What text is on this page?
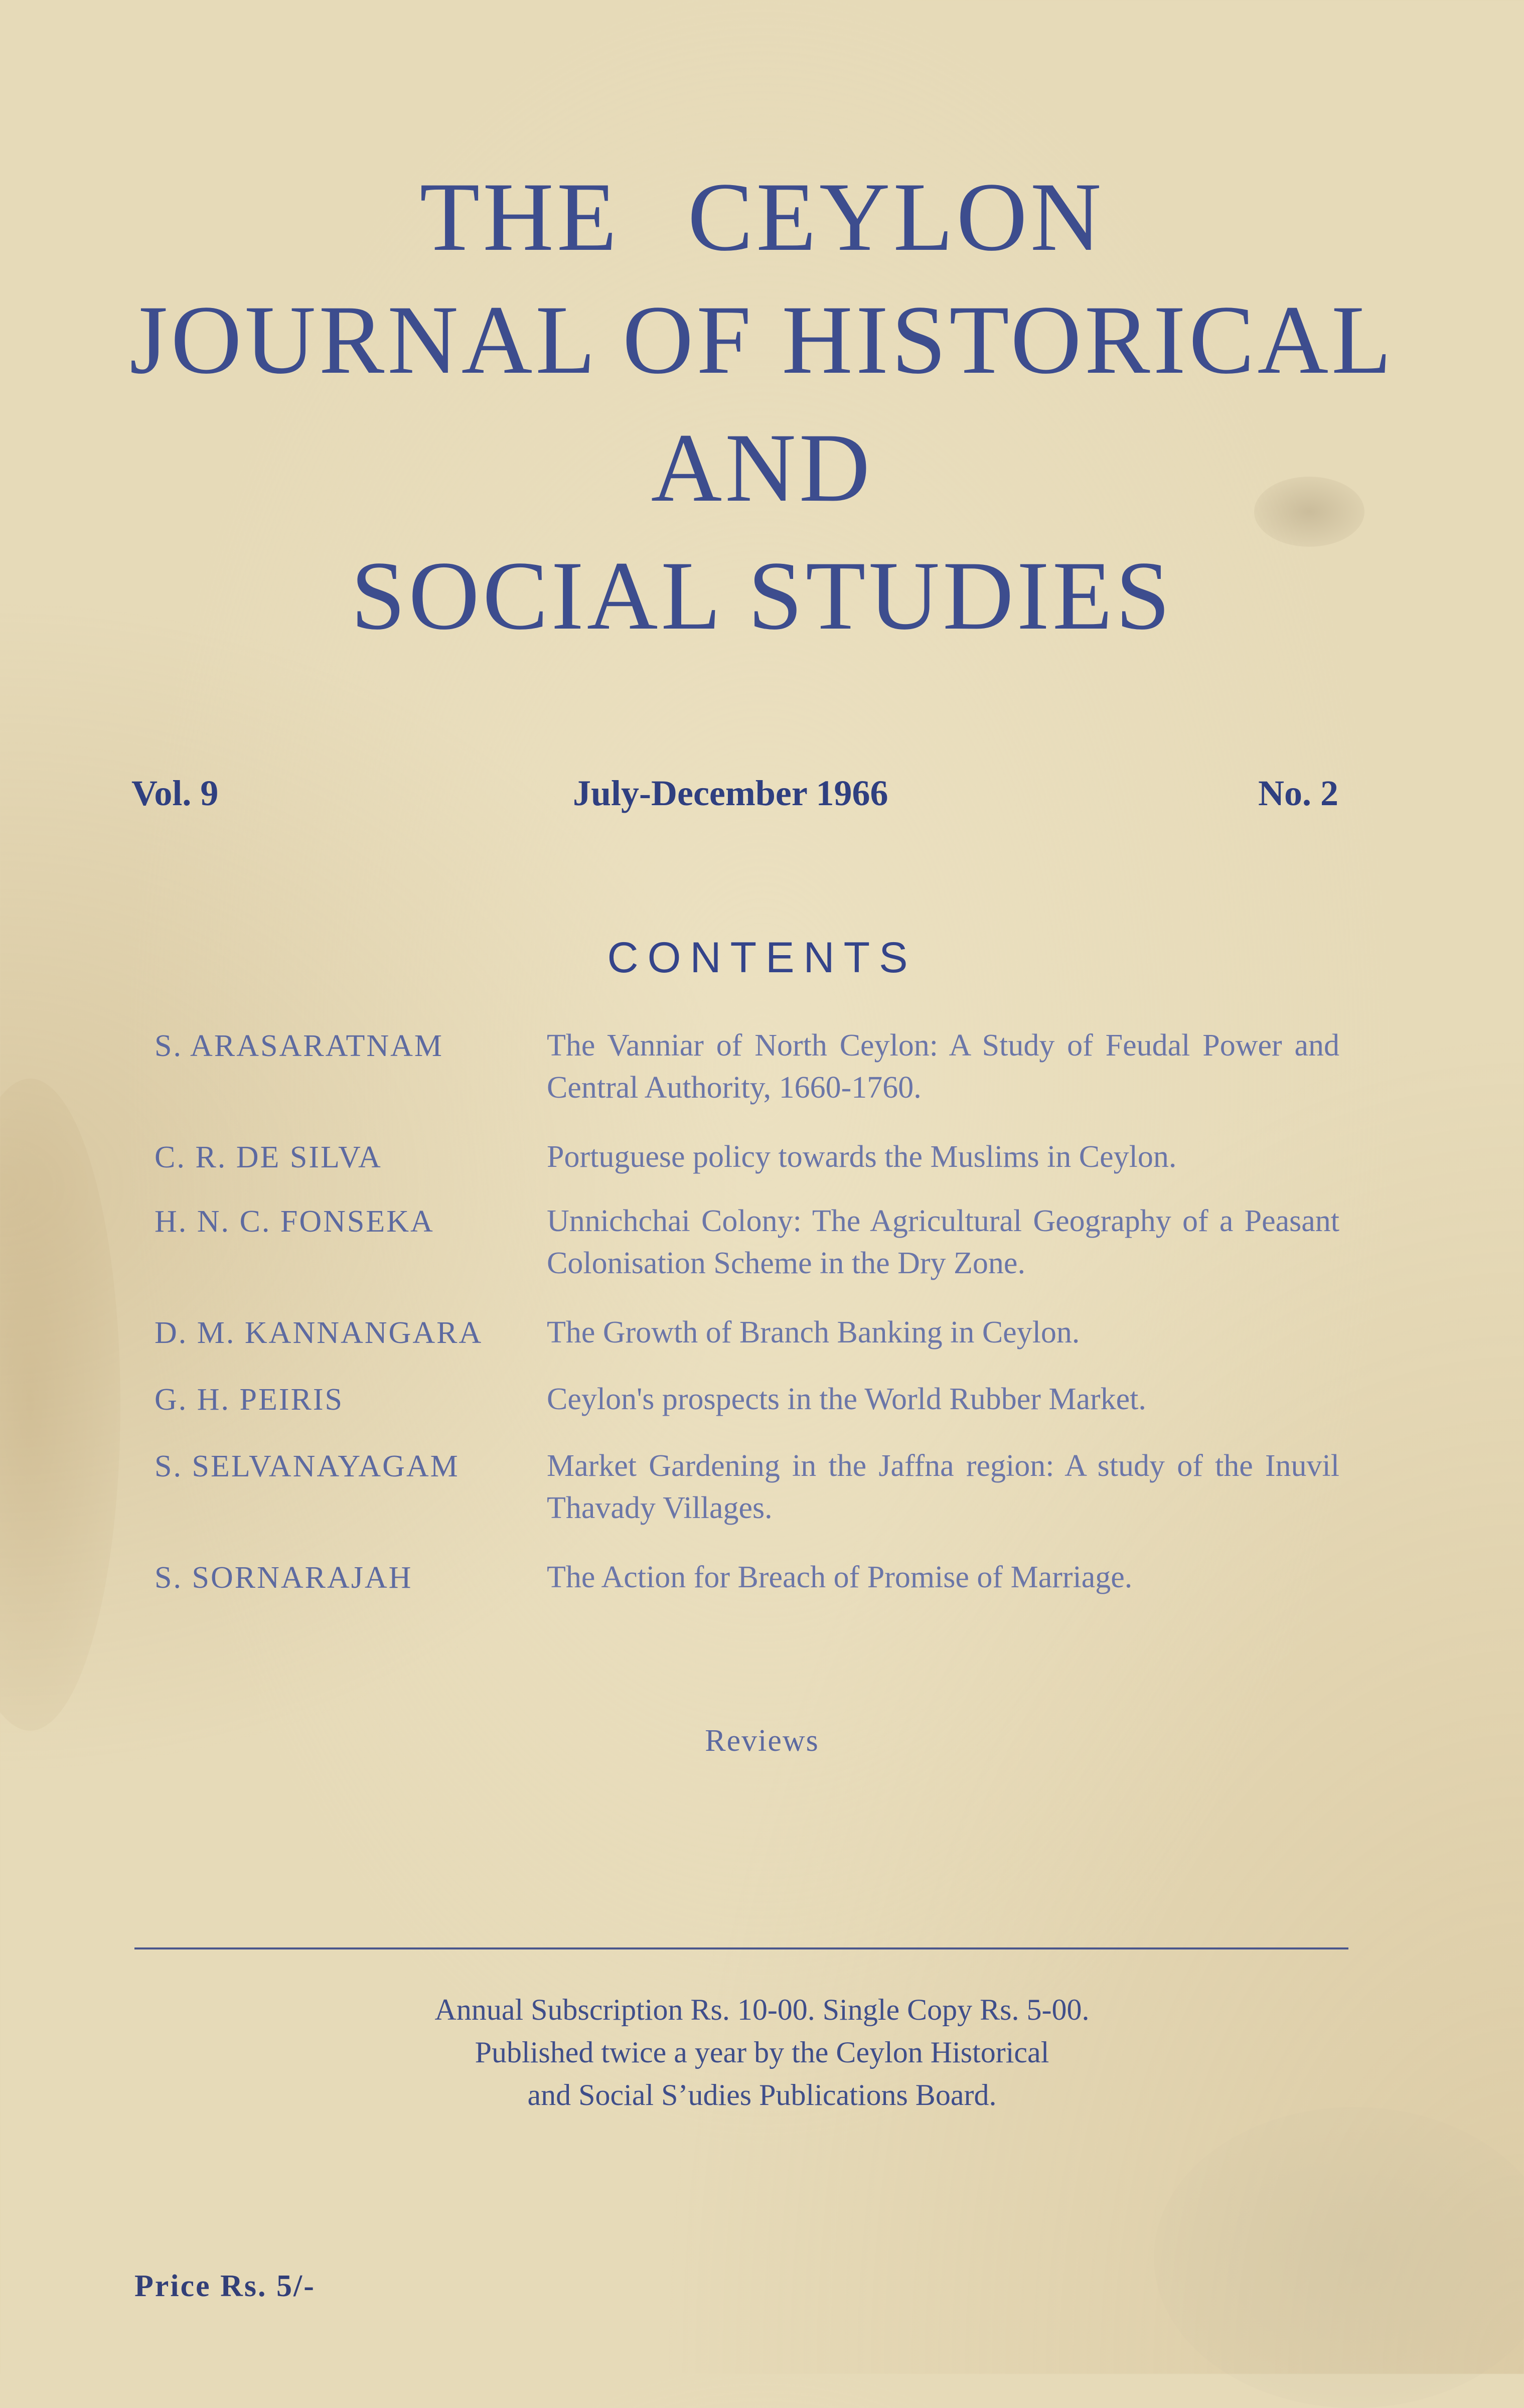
THE CEYLON
JOURNAL OF HISTORICAL
AND
SOCIAL STUDIES
Vol. 9	July-December 1966	No. 2
CONTENTS
S. ARASARATNAM	The Vanniar of North Ceylon: A Study of Feudal Power and Central Authority, 1660-1760.
C. R. DE SILVA	Portuguese policy towards the Muslims in Ceylon.
H. N. C. FONSEKA	Unnichchai Colony: The Agricultural Geography of a Peasant Colonisation Scheme in the Dry Zone.
D. M. KANNANGARA The Growth of Branch Banking in Ceylon.
G. H. PEIRIS	Ceylon's prospects in the World Rubber Market.
S. SELVANAYAGAM	Market Gardening in the Jaffna region: A study of the Inuvil Thavady Villages.
S. SORNARAJAH	The Action for Breach of Promise of Marriage.
Reviews
Annual Subscription Rs. 10-00. Single Copy Rs. 5-00.
Published twice a year by the Ceylon Historical
and Social S’udies Publications Board.
Price Rs. 5/-
